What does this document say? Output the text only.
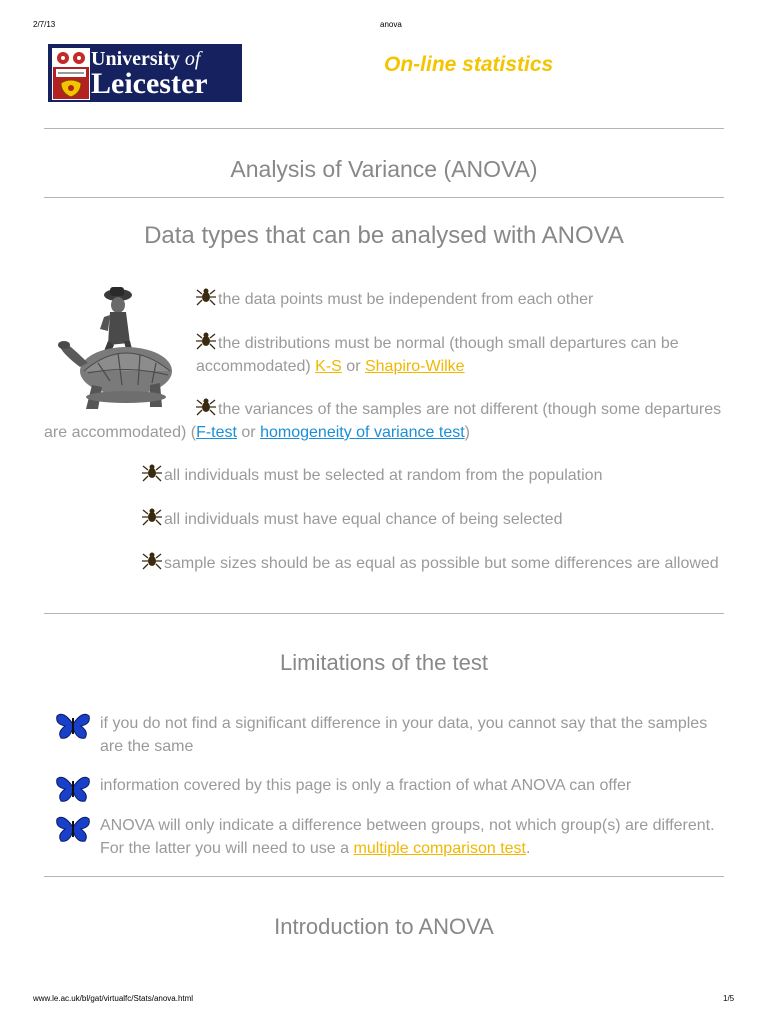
2/7/13	anova
University of
Leicester
On-line statistics
Analysis of Variance (ANOVA)
Data types that can be analysed with ANOVA
the data points must be independent from each other
the distributions must be normal (though small departures can be accommodated) K-S or Shapiro-Wilke
the variances of the samples are not different (though some departures are accommodated) (F-test or homogeneity of variance test)
all individuals must be selected at random from the population
all individuals must have equal chance of being selected
sample sizes should be as equal as possible but some differences are allowed
Limitations of the test
if you do not find a significant difference in your data, you cannot say that the samples are the same
information covered by this page is only a fraction of what ANOVA can offer
ANOVA will only indicate a difference between groups, not which group(s) are different. For the latter you will need to use a multiple comparison test.
Introduction to ANOVA
www.le.ac.uk/bl/gat/virtualfc/Stats/anova.html	1/5
